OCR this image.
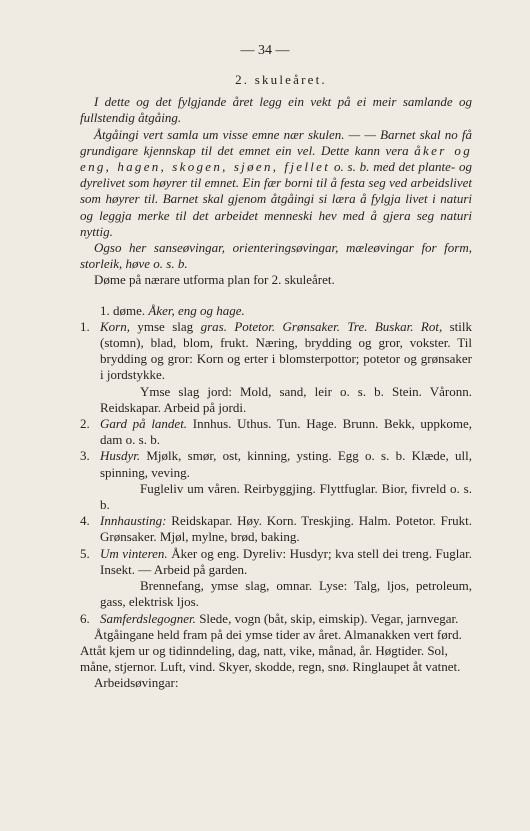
— 34 —
2. skuleåret.

I dette og det fylgjande året legg ein vekt på ei meir samlande og fullstendig åtgåing.

Åtgåingi vert samla um visse emne nær skulen. — — Barnet skal no få grundigare kjennskap til det emnet ein vel. Dette kann vera åker og eng, hagen, skogen, sjøen, fjellet o. s. b. med det plante- og dyrelivet som høyrer til emnet. Ein fær borni til å festa seg ved arbeidslivet som høyrer til. Barnet skal gjenom åtgåingi si læra å fylgja livet i naturi og leggja merke til det arbeidet menneski hev med å gjera seg naturi nyttig.

Ogso her sanseøvingar, orienteringsøvingar, mæleøvingar for form, storleik, høve o. s. b.

Døme på nærare utforma plan for 2. skuleåret.

1. døme. Åker, eng og hage.

1. Korn, ymse slag gras. Potetor. Grønsaker. Tre. Buskar. Rot, stilk (stomn), blad, blom, frukt. Næring, brydding og gror, vokster. Til brydding og gror: Korn og erter i blomsterpottor; potetor og grønsaker i jordstykke.

Ymse slag jord: Mold, sand, leir o. s. b. Stein. Våronn. Reidskapar. Arbeid på jordi.

2. Gard på landet. Innhus. Uthus. Tun. Hage. Brunn. Bekk, uppkome, dam o. s. b.

3. Husdyr. Mjølk, smør, ost, kinning, ysting. Egg o. s. b. Klæde, ull, spinning, veving.

Fugleliv um våren. Reirbyggjing. Flyttfuglar. Bior, fivreld o. s. b.

4. Innhausting: Reidskapar. Høy. Korn. Treskjing. Halm. Potetor. Frukt. Grønsaker. Mjøl, mylne, brød, baking.

5. Um vinteren. Åker og eng. Dyreliv: Husdyr; kva stell dei treng. Fuglar. Insekt. — Arbeid på garden.

Brennefang, ymse slag, omnar. Lyse: Talg, ljos, petroleum, gass, elektrisk ljos.

6. Samferdslegogner. Slede, vogn (båt, skip, eimskip). Vegar, jarnvegar.

Åtgåingane held fram på dei ymse tider av året. Almanakken vert førd. Attåt kjem ur og tidinndeling, dag, natt, vike, månad, år. Høgtider. Sol, måne, stjernor. Luft, vind. Skyer, skodde, regn, snø. Ringlaupet åt vatnet.

Arbeidsøvingar:
